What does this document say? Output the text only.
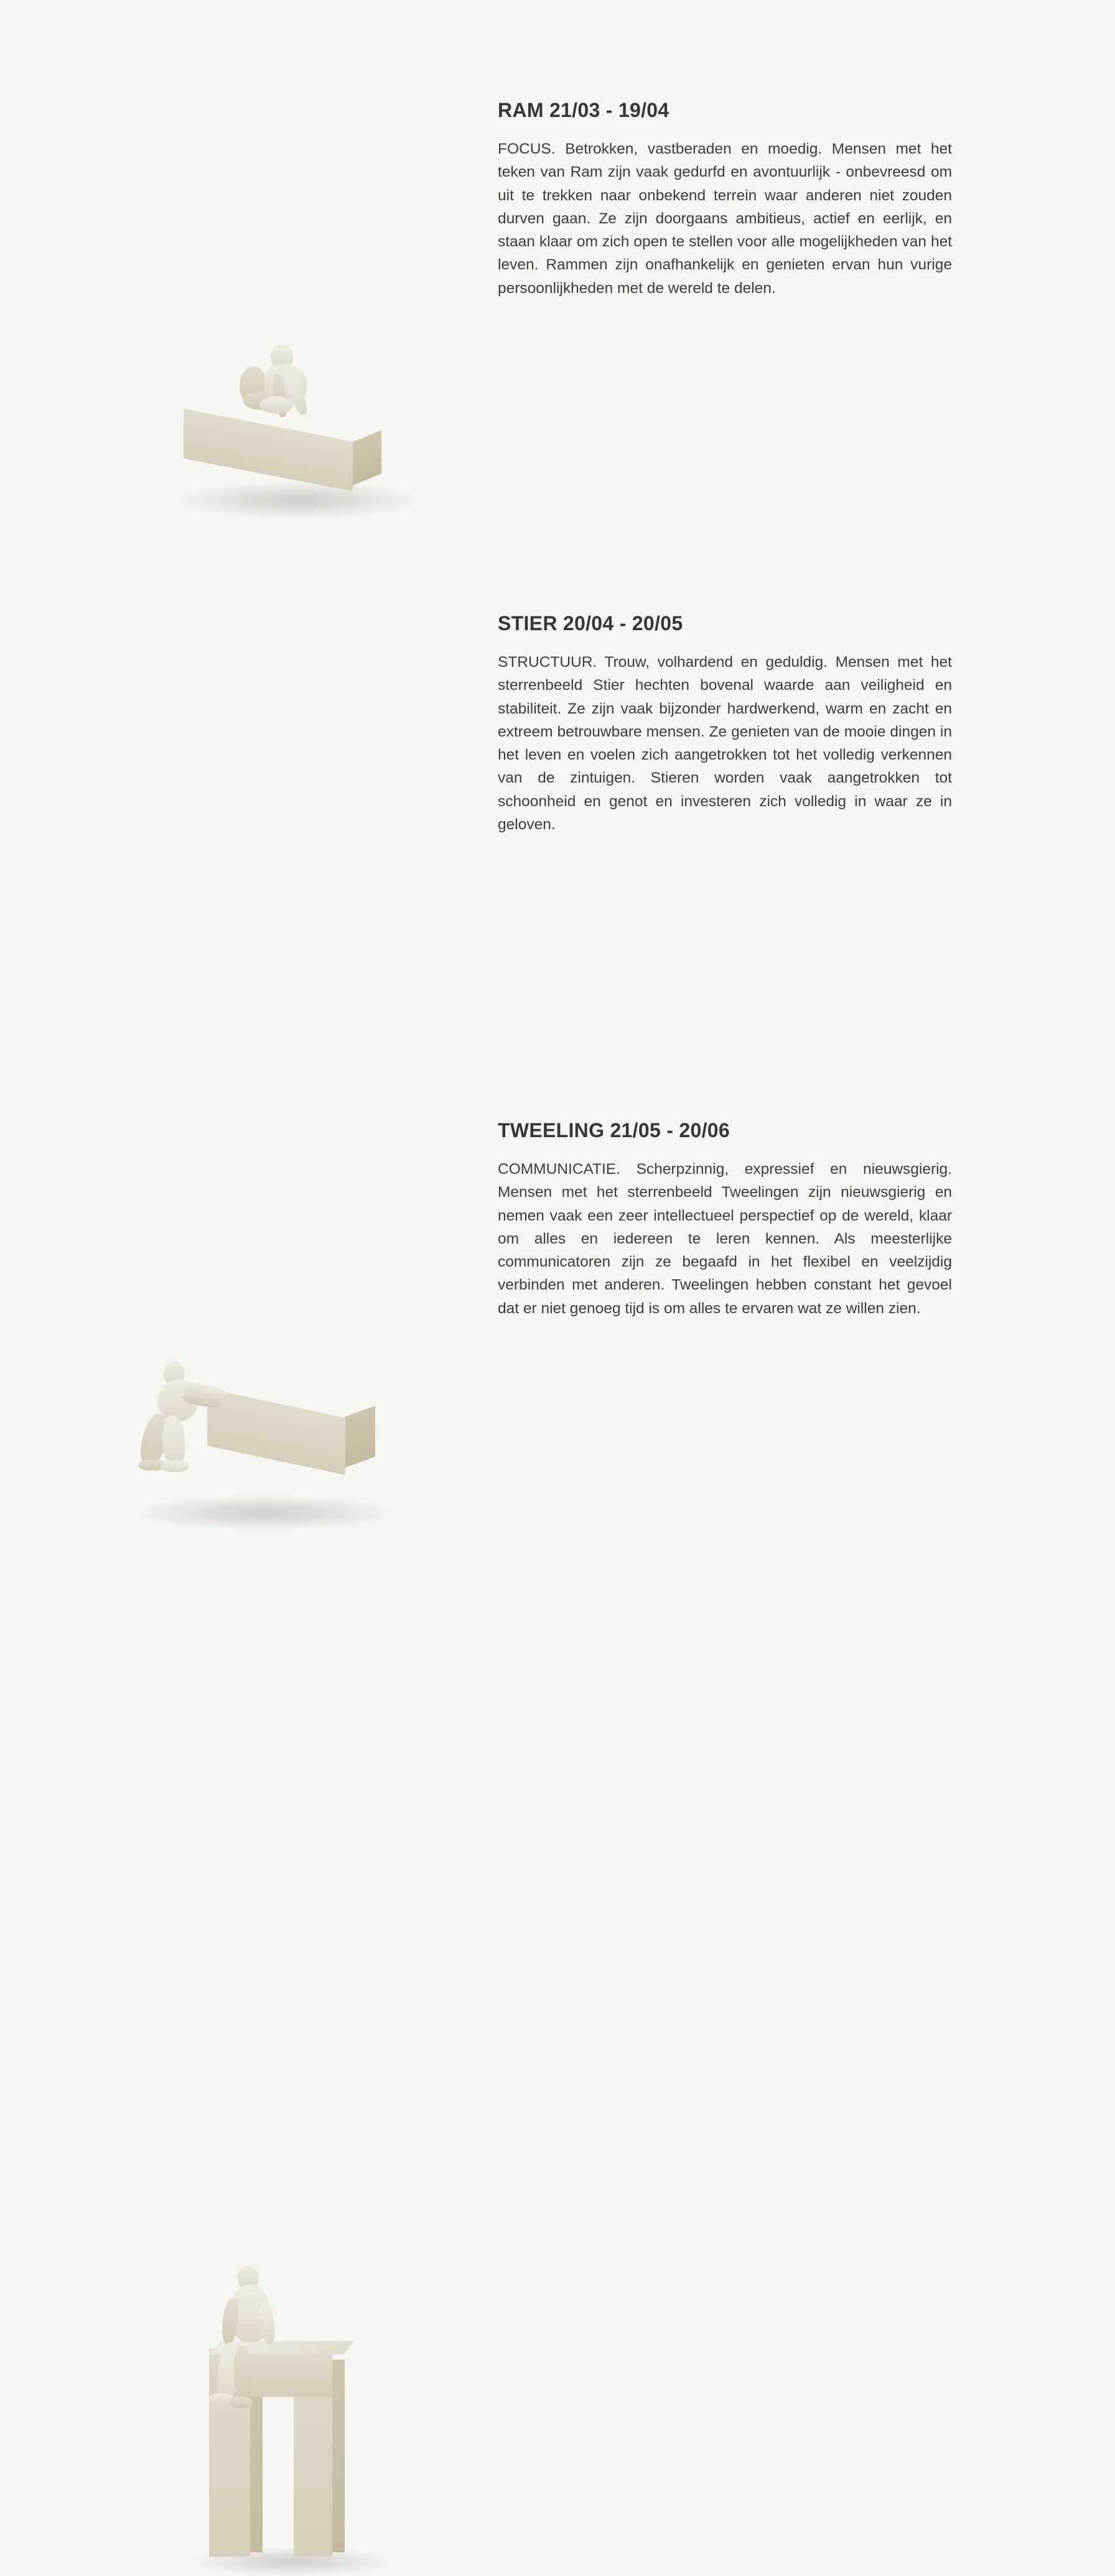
RAM 21/03 - 19/04

FOCUS. Betrokken, vastberaden en moedig. Mensen met het teken van Ram zijn vaak gedurfd en avontuurlijk - onbevreesd om uit te trekken naar onbekend terrein waar anderen niet zouden durven gaan. Ze zijn doorgaans ambitieus, actief en eerlijk, en staan klaar om zich open te stellen voor alle mogelijkheden van het leven. Rammen zijn onafhankelijk en genieten ervan hun vurige persoonlijkheden met de wereld te delen.

STIER 20/04 - 20/05

STRUCTUUR. Trouw, volhardend en geduldig. Mensen met het sterrenbeeld Stier hechten bovenal waarde aan veiligheid en stabiliteit. Ze zijn vaak bijzonder hardwerkend, warm en zacht en extreem betrouwbare mensen. Ze genieten van de mooie dingen in het leven en voelen zich aangetrokken tot het volledig verkennen van de zintuigen. Stieren worden vaak aangetrokken tot schoonheid en genot en investeren zich volledig in waar ze in geloven.

TWEELING 21/05 - 20/06

COMMUNICATIE. Scherpzinnig, expressief en nieuwsgierig. Mensen met het sterrenbeeld Tweelingen zijn nieuwsgierig en nemen vaak een zeer intellectueel perspectief op de wereld, klaar om alles en iedereen te leren kennen. Als meesterlijke communicatoren zijn ze begaafd in het flexibel en veelzijdig verbinden met anderen. Tweelingen hebben constant het gevoel dat er niet genoeg tijd is om alles te ervaren wat ze willen zien.
